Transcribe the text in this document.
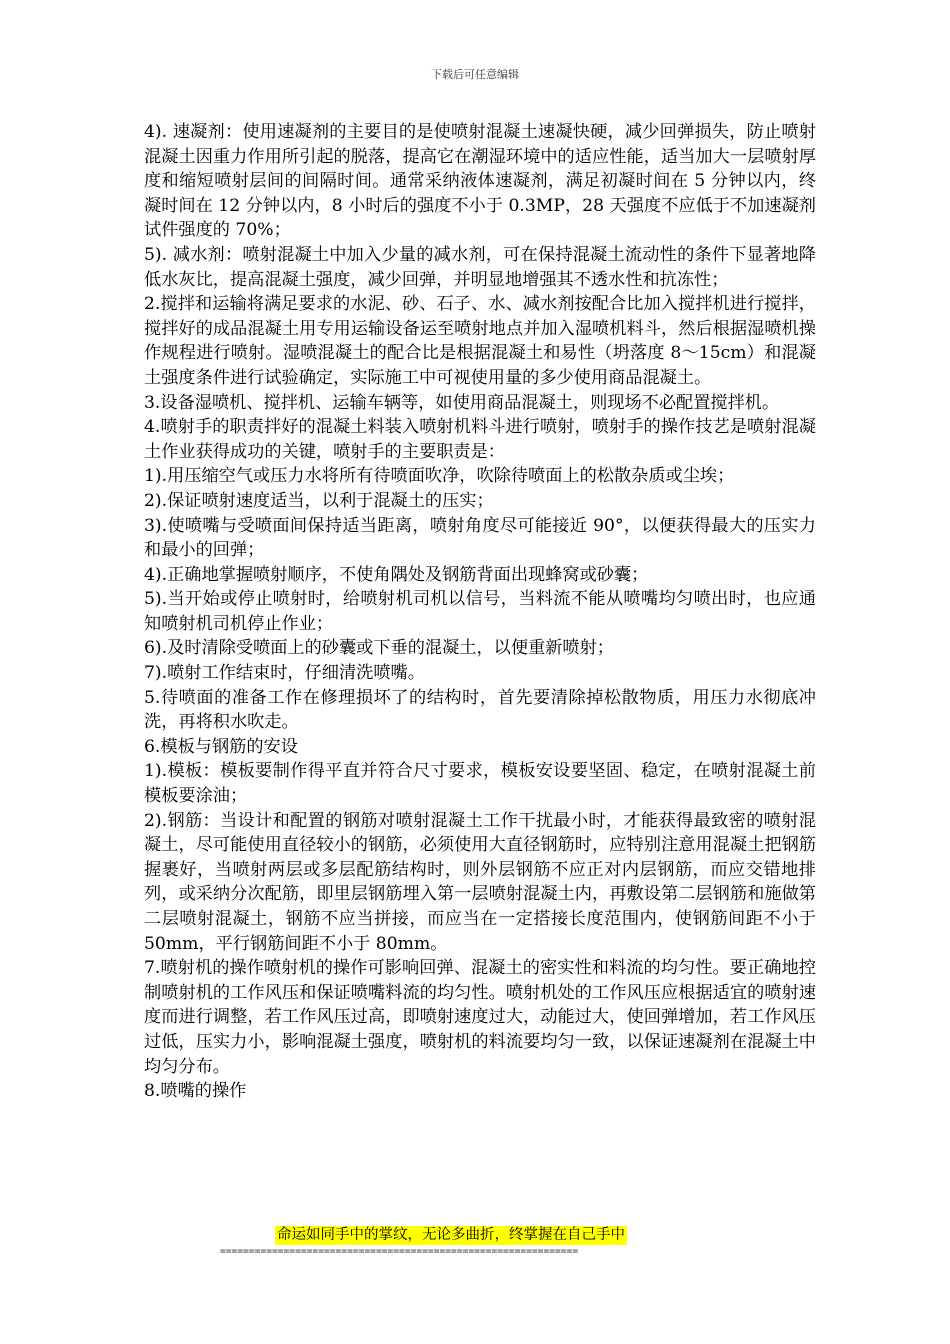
下载后可任意编辑

4). 速凝剂：使用速凝剂的主要目的是使喷射混凝土速凝快硬，减少回弹损失，防止喷射混凝土因重力作用所引起的脱落，提高它在潮湿环境中的适应性能，适当加大一层喷射厚度和缩短喷射层间的间隔时间。通常采纳液体速凝剂，满足初凝时间在 5 分钟以内，终凝时间在 12 分钟以内，8 小时后的强度不小于 0.3MP，28 天强度不应低于不加速凝剂试件强度的 70%；

5). 减水剂：喷射混凝土中加入少量的减水剂，可在保持混凝土流动性的条件下显著地降低水灰比，提高混凝土强度，减少回弹，并明显地增强其不透水性和抗冻性；

2.搅拌和运输将满足要求的水泥、砂、石子、水、减水剂按配合比加入搅拌机进行搅拌，搅拌好的成品混凝土用专用运输设备运至喷射地点并加入湿喷机料斗，然后根据湿喷机操作规程进行喷射。湿喷混凝土的配合比是根据混凝土和易性（坍落度 8～15cm）和混凝土强度条件进行试验确定，实际施工中可视使用量的多少使用商品混凝土。

3.设备湿喷机、搅拌机、运输车辆等，如使用商品混凝土，则现场不必配置搅拌机。

4.喷射手的职责拌好的混凝土料装入喷射机料斗进行喷射，喷射手的操作技艺是喷射混凝土作业获得成功的关键，喷射手的主要职责是：

1).用压缩空气或压力水将所有待喷面吹净，吹除待喷面上的松散杂质或尘埃；

2).保证喷射速度适当，以利于混凝土的压实；

3).使喷嘴与受喷面间保持适当距离，喷射角度尽可能接近 90°，以便获得最大的压实力和最小的回弹；

4).正确地掌握喷射顺序，不使角隅处及钢筋背面出现蜂窝或砂囊；

5).当开始或停止喷射时，给喷射机司机以信号，当料流不能从喷嘴均匀喷出时，也应通知喷射机司机停止作业；

6).及时清除受喷面上的砂囊或下垂的混凝土，以便重新喷射；

7).喷射工作结束时，仔细清洗喷嘴。

5.待喷面的准备工作在修理损坏了的结构时，首先要清除掉松散物质，用压力水彻底冲洗，再将积水吹走。

6.模板与钢筋的安设

1).模板：模板要制作得平直并符合尺寸要求，模板安设要坚固、稳定，在喷射混凝土前模板要涂油；

2).钢筋：当设计和配置的钢筋对喷射混凝土工作干扰最小时，才能获得最致密的喷射混凝土，尽可能使用直径较小的钢筋，必须使用大直径钢筋时，应特别注意用混凝土把钢筋握裹好，当喷射两层或多层配筋结构时，则外层钢筋不应正对内层钢筋，而应交错地排列，或采纳分次配筋，即里层钢筋埋入第一层喷射混凝土内，再敷设第二层钢筋和施做第二层喷射混凝土，钢筋不应当拼接，而应当在一定搭接长度范围内，使钢筋间距不小于 50mm，平行钢筋间距不小于 80mm。

7.喷射机的操作喷射机的操作可影响回弹、混凝土的密实性和料流的均匀性。要正确地控制喷射机的工作风压和保证喷嘴料流的均匀性。喷射机处的工作风压应根据适宜的喷射速度而进行调整，若工作风压过高，即喷射速度过大，动能过大，使回弹增加，若工作风压过低，压实力小，影响混凝土强度，喷射机的料流要均匀一致，以保证速凝剂在混凝土中均匀分布。

8.喷嘴的操作

命运如同手中的掌纹，无论多曲折，终掌握在自己手中
==============================================================
